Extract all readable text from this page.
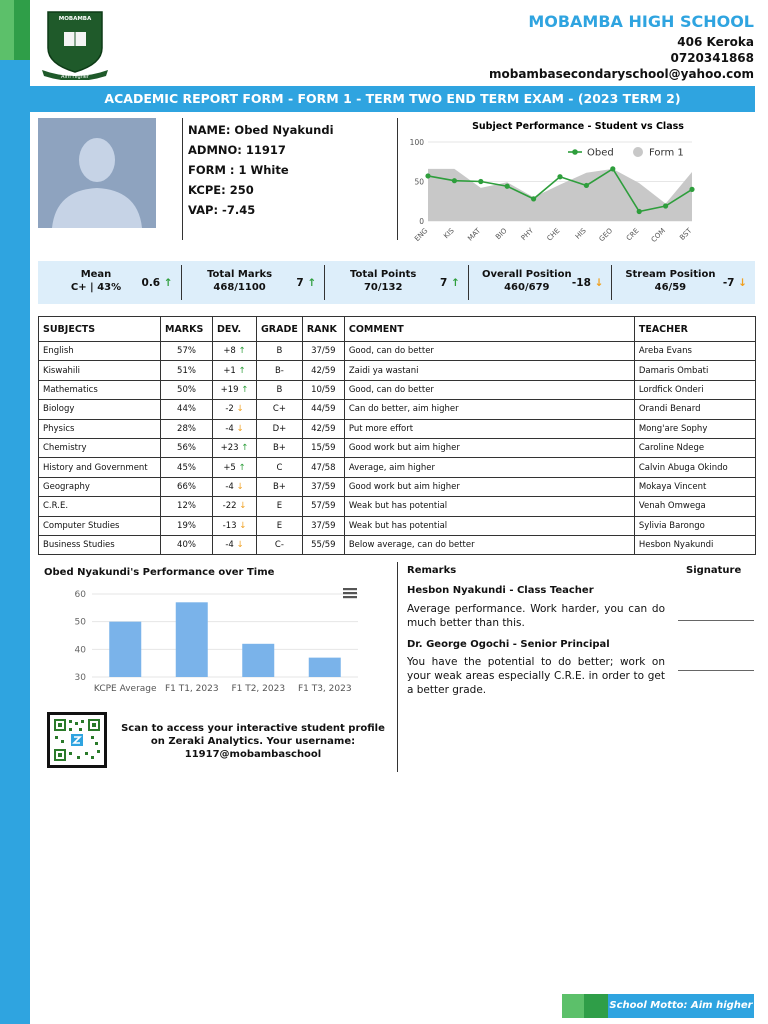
MOBAMBA
Aim Higher
MOBAMBA HIGH SCHOOL
406 Keroka
0720341868
mobambasecondaryschool@yahoo.com
ACADEMIC REPORT FORM - FORM 1 - TERM TWO END TERM EXAM - (2023 TERM 2)
NAME: Obed Nyakundi
ADMNO: 11917
FORM : 1 White
KCPE: 250
VAP: -7.45
Subject Performance - Student vs Class
0
50
100
ENG KIS MAT BIO PHY CHE HIS GEO CRE COM BST
Obed	Form 1
Mean
C+ | 43%	0.6 ↑
Total Marks
468/1100	7 ↑
Total Points
70/132	7 ↑
Overall Position
460/679	-18 ↓
Stream Position
46/59	-7 ↓
SUBJECTS	MARKS	DEV.	GRADE	RANK	COMMENT	TEACHER
English	57%	+8 ↑	B	37/59	Good, can do better	Areba Evans
Kiswahili	51%	+1 ↑	B-	42/59	Zaidi ya wastani	Damaris Ombati
Mathematics	50%	+19 ↑	B	10/59	Good, can do better	Lordfick Onderi
Biology	44%	-2 ↓	C+	44/59	Can do better, aim higher	Orandi Benard
Physics	28%	-4 ↓	D+	42/59	Put more effort	Mong'are Sophy
Chemistry	56%	+23 ↑	B+	15/59	Good work but aim higher	Caroline Ndege
History and Government	45%	+5 ↑	C	47/58	Average, aim higher	Calvin Abuga Okindo
Geography	66%	-4 ↓	B+	37/59	Good work but aim higher	Mokaya Vincent
C.R.E.	12%	-22 ↓	E	57/59	Weak but has potential	Venah Omwega
Computer Studies	19%	-13 ↓	E	37/59	Weak but has potential	Sylivia Barongo
Business Studies	40%	-4 ↓	C-	55/59	Below average, can do better	Hesbon Nyakundi
Obed Nyakundi's Performance over Time
30
40
50
60
KCPE Average F1 T1, 2023 F1 T2, 2023 F1 T3, 2023
Scan to access your interactive student profile on Zeraki Analytics. Your username: 11917@mobambaschool
Remarks	Signature
Hesbon Nyakundi - Class Teacher
Average performance. Work harder, you can do much better than this.
Dr. George Ogochi - Senior Principal
You have the potential to do better; work on your weak areas especially C.R.E. in order to get a better grade.
School Motto: Aim higher
